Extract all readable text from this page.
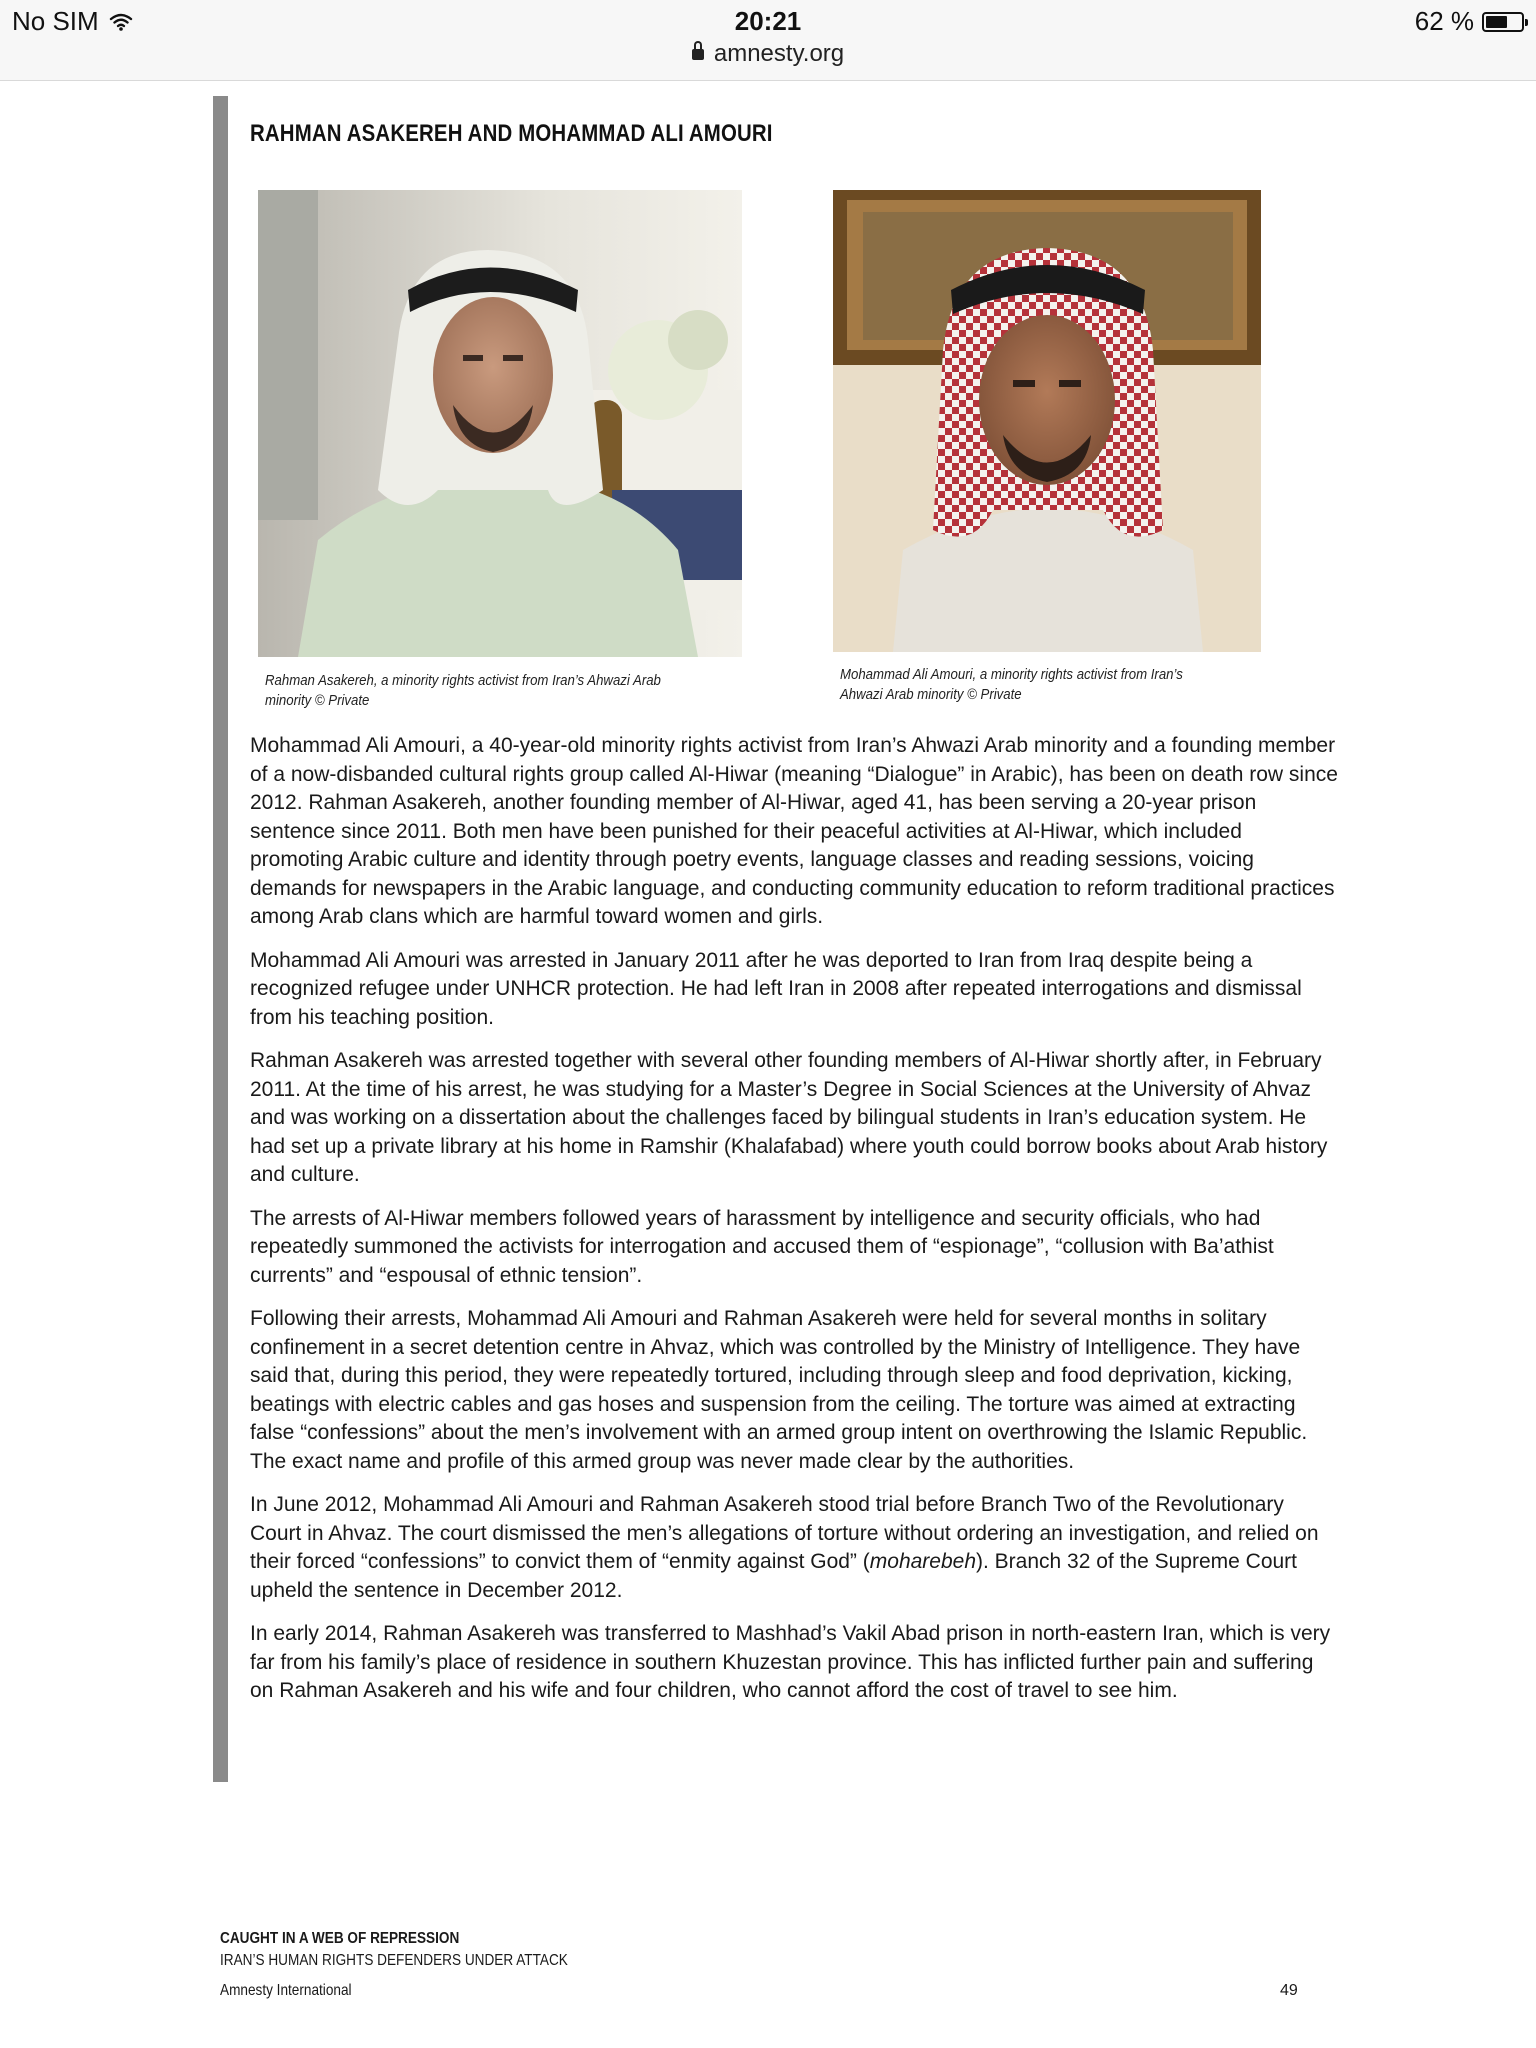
No SIM	20:21	62 %
amnesty.org
RAHMAN ASAKEREH AND MOHAMMAD ALI AMOURI
Rahman Asakereh, a minority rights activist from Iran’s Ahwazi Arab minority © Private
Mohammad Ali Amouri, a minority rights activist from Iran’s Ahwazi Arab minority © Private

Mohammad Ali Amouri, a 40-year-old minority rights activist from Iran’s Ahwazi Arab minority and a founding member of a now-disbanded cultural rights group called Al-Hiwar (meaning “Dialogue” in Arabic), has been on death row since 2012. Rahman Asakereh, another founding member of Al-Hiwar, aged 41, has been serving a 20-year prison sentence since 2011. Both men have been punished for their peaceful activities at Al-Hiwar, which included promoting Arabic culture and identity through poetry events, language classes and reading sessions, voicing demands for newspapers in the Arabic language, and conducting community education to reform traditional practices among Arab clans which are harmful toward women and girls.

Mohammad Ali Amouri was arrested in January 2011 after he was deported to Iran from Iraq despite being a recognized refugee under UNHCR protection. He had left Iran in 2008 after repeated interrogations and dismissal from his teaching position.

Rahman Asakereh was arrested together with several other founding members of Al-Hiwar shortly after, in February 2011. At the time of his arrest, he was studying for a Master’s Degree in Social Sciences at the University of Ahvaz and was working on a dissertation about the challenges faced by bilingual students in Iran’s education system. He had set up a private library at his home in Ramshir (Khalafabad) where youth could borrow books about Arab history and culture.

The arrests of Al-Hiwar members followed years of harassment by intelligence and security officials, who had repeatedly summoned the activists for interrogation and accused them of “espionage”, “collusion with Ba’athist currents” and “espousal of ethnic tension”.

Following their arrests, Mohammad Ali Amouri and Rahman Asakereh were held for several months in solitary confinement in a secret detention centre in Ahvaz, which was controlled by the Ministry of Intelligence. They have said that, during this period, they were repeatedly tortured, including through sleep and food deprivation, kicking, beatings with electric cables and gas hoses and suspension from the ceiling. The torture was aimed at extracting false “confessions” about the men’s involvement with an armed group intent on overthrowing the Islamic Republic. The exact name and profile of this armed group was never made clear by the authorities.

In June 2012, Mohammad Ali Amouri and Rahman Asakereh stood trial before Branch Two of the Revolutionary Court in Ahvaz. The court dismissed the men’s allegations of torture without ordering an investigation, and relied on their forced “confessions” to convict them of “enmity against God” (moharebeh). Branch 32 of the Supreme Court upheld the sentence in December 2012.

In early 2014, Rahman Asakereh was transferred to Mashhad’s Vakil Abad prison in north-eastern Iran, which is very far from his family’s place of residence in southern Khuzestan province. This has inflicted further pain and suffering on Rahman Asakereh and his wife and four children, who cannot afford the cost of travel to see him.

CAUGHT IN A WEB OF REPRESSION
IRAN’S HUMAN RIGHTS DEFENDERS UNDER ATTACK
Amnesty International	49
